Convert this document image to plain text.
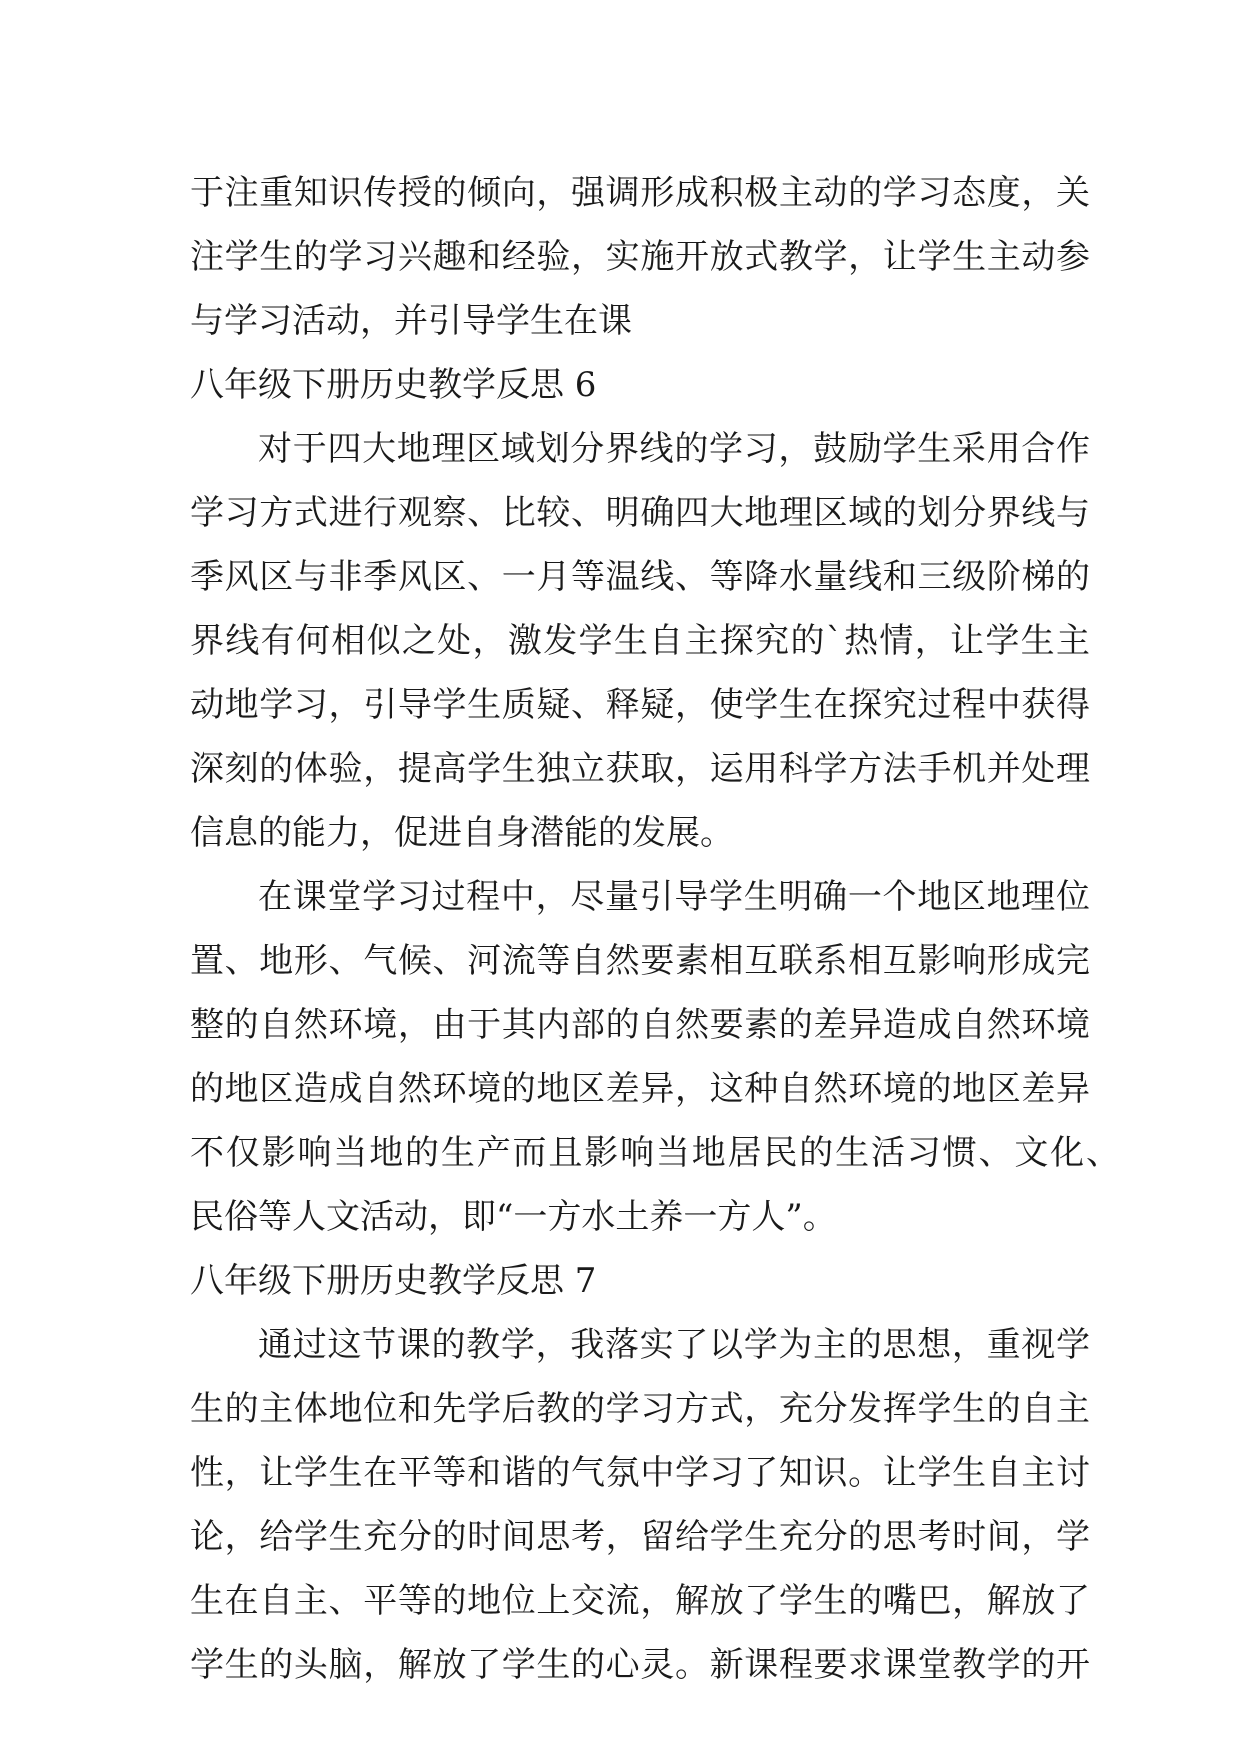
于注重知识传授的倾向，强调形成积极主动的学习态度，关
注学生的学习兴趣和经验，实施开放式教学，让学生主动参
与学习活动，并引导学生在课
八年级下册历史教学反思 6
对于四大地理区域划分界线的学习，鼓励学生采用合作
学习方式进行观察、比较、明确四大地理区域的划分界线与
季风区与非季风区、一月等温线、等降水量线和三级阶梯的
界线有何相似之处，激发学生自主探究的`热情，让学生主
动地学习，引导学生质疑、释疑，使学生在探究过程中获得
深刻的体验，提高学生独立获取，运用科学方法手机并处理
信息的能力，促进自身潜能的发展。
在课堂学习过程中，尽量引导学生明确一个地区地理位
置、地形、气候、河流等自然要素相互联系相互影响形成完
整的自然环境，由于其内部的自然要素的差异造成自然环境
的地区造成自然环境的地区差异，这种自然环境的地区差异
不仅影响当地的生产而且影响当地居民的生活习惯、文化、
民俗等人文活动，即“一方水土养一方人”。
八年级下册历史教学反思 7
通过这节课的教学，我落实了以学为主的思想，重视学
生的主体地位和先学后教的学习方式，充分发挥学生的自主
性，让学生在平等和谐的气氛中学习了知识。让学生自主讨
论，给学生充分的时间思考，留给学生充分的思考时间，学
生在自主、平等的地位上交流，解放了学生的嘴巴，解放了
学生的头脑，解放了学生的心灵。新课程要求课堂教学的开
